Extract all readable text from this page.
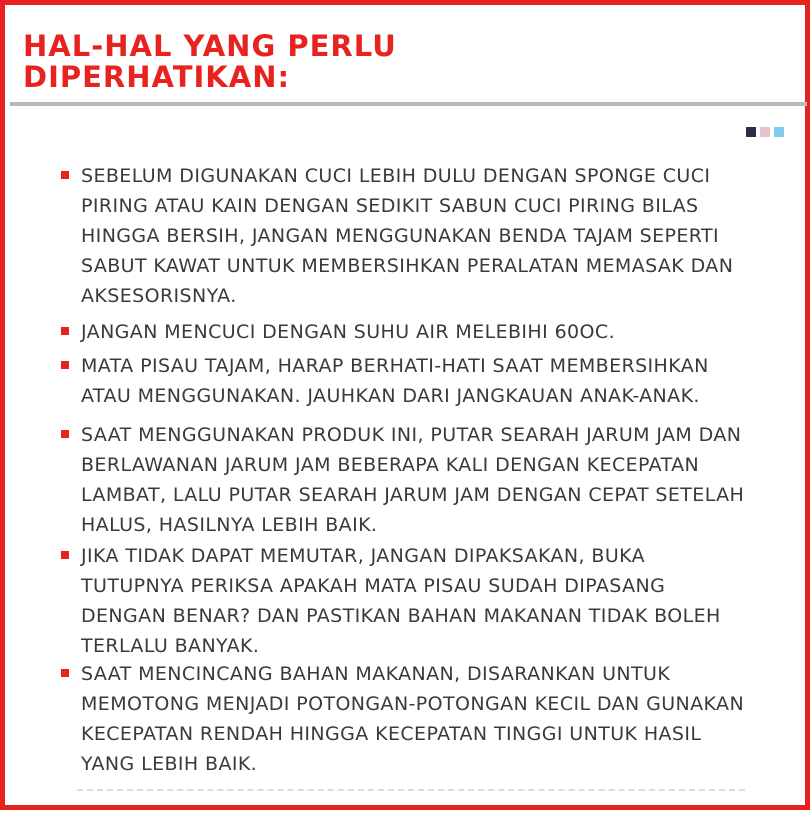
HAL-HAL YANG PERLU
DIPERHATIKAN:
SEBELUM DIGUNAKAN CUCI LEBIH DULU DENGAN SPONGE CUCI
PIRING ATAU KAIN DENGAN SEDIKIT SABUN CUCI PIRING BILAS
HINGGA BERSIH, JANGAN MENGGUNAKAN BENDA TAJAM SEPERTI
SABUT KAWAT UNTUK MEMBERSIHKAN PERALATAN MEMASAK DAN
AKSESORISNYA.
JANGAN MENCUCI DENGAN SUHU AIR MELEBIHI 60OC.
MATA PISAU TAJAM, HARAP BERHATI-HATI SAAT MEMBERSIHKAN
ATAU MENGGUNAKAN. JAUHKAN DARI JANGKAUAN ANAK-ANAK.
SAAT MENGGUNAKAN PRODUK INI, PUTAR SEARAH JARUM JAM DAN
BERLAWANAN JARUM JAM BEBERAPA KALI DENGAN KECEPATAN
LAMBAT, LALU PUTAR SEARAH JARUM JAM DENGAN CEPAT SETELAH
HALUS, HASILNYA LEBIH BAIK.
JIKA TIDAK DAPAT MEMUTAR, JANGAN DIPAKSAKAN, BUKA
TUTUPNYA PERIKSA APAKAH MATA PISAU SUDAH DIPASANG
DENGAN BENAR? DAN PASTIKAN BAHAN MAKANAN TIDAK BOLEH
TERLALU BANYAK.
SAAT MENCINCANG BAHAN MAKANAN, DISARANKAN UNTUK
MEMOTONG MENJADI POTONGAN-POTONGAN KECIL DAN GUNAKAN
KECEPATAN RENDAH HINGGA KECEPATAN TINGGI UNTUK HASIL
YANG LEBIH BAIK.
